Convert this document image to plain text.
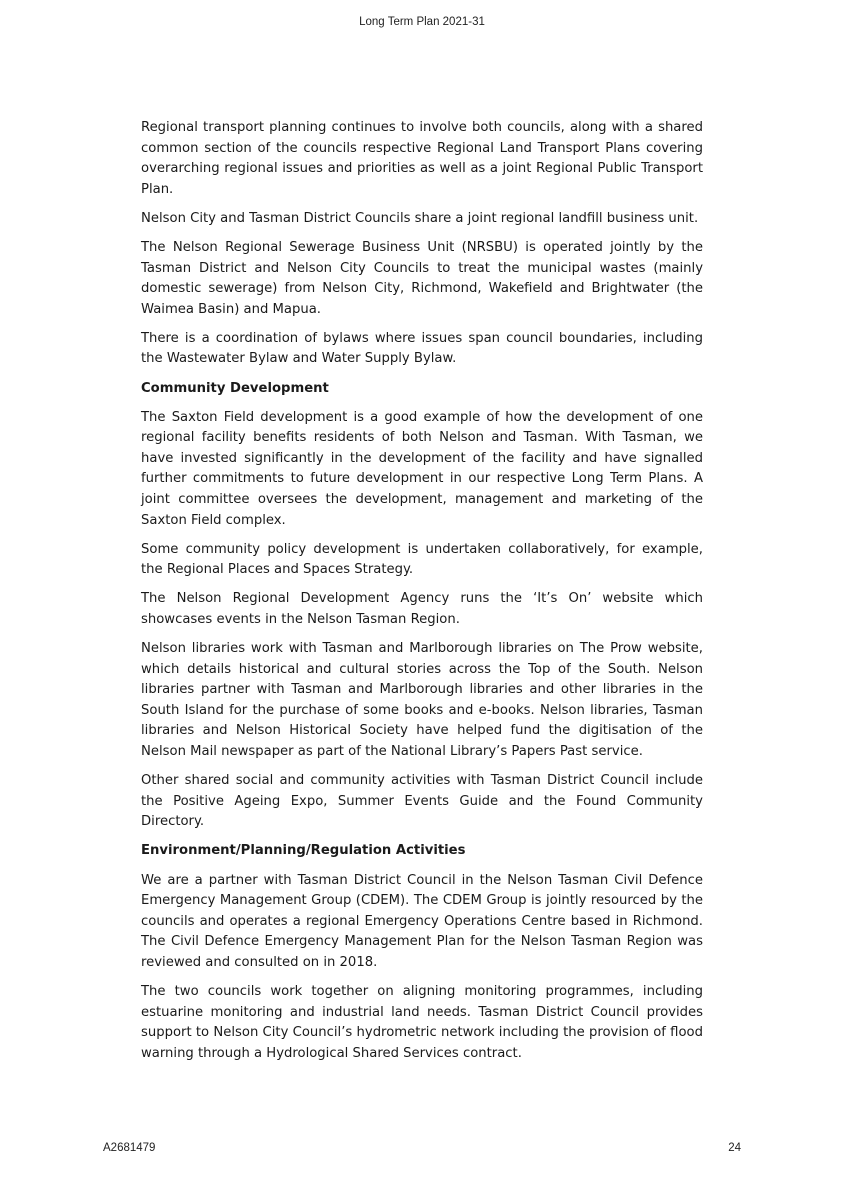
Long Term Plan 2021-31

Regional transport planning continues to involve both councils, along with a shared common section of the councils respective Regional Land Transport Plans covering overarching regional issues and priorities as well as a joint Regional Public Transport Plan.

Nelson City and Tasman District Councils share a joint regional landfill business unit.

The Nelson Regional Sewerage Business Unit (NRSBU) is operated jointly by the Tasman District and Nelson City Councils to treat the municipal wastes (mainly domestic sewerage) from Nelson City, Richmond, Wakefield and Brightwater (the Waimea Basin) and Mapua.

There is a coordination of bylaws where issues span council boundaries, including the Wastewater Bylaw and Water Supply Bylaw.

Community Development

The Saxton Field development is a good example of how the development of one regional facility benefits residents of both Nelson and Tasman. With Tasman, we have invested significantly in the development of the facility and have signalled further commitments to future development in our respective Long Term Plans. A joint committee oversees the development, management and marketing of the Saxton Field complex.

Some community policy development is undertaken collaboratively, for example, the Regional Places and Spaces Strategy.

The Nelson Regional Development Agency runs the ‘It’s On’ website which showcases events in the Nelson Tasman Region.

Nelson libraries work with Tasman and Marlborough libraries on The Prow website, which details historical and cultural stories across the Top of the South. Nelson libraries partner with Tasman and Marlborough libraries and other libraries in the South Island for the purchase of some books and e-books. Nelson libraries, Tasman libraries and Nelson Historical Society have helped fund the digitisation of the Nelson Mail newspaper as part of the National Library’s Papers Past service.

Other shared social and community activities with Tasman District Council include the Positive Ageing Expo, Summer Events Guide and the Found Community Directory.

Environment/Planning/Regulation Activities

We are a partner with Tasman District Council in the Nelson Tasman Civil Defence Emergency Management Group (CDEM). The CDEM Group is jointly resourced by the councils and operates a regional Emergency Operations Centre based in Richmond. The Civil Defence Emergency Management Plan for the Nelson Tasman Region was reviewed and consulted on in 2018.

The two councils work together on aligning monitoring programmes, including estuarine monitoring and industrial land needs. Tasman District Council provides support to Nelson City Council’s hydrometric network including the provision of flood warning through a Hydrological Shared Services contract.

A2681479	24
